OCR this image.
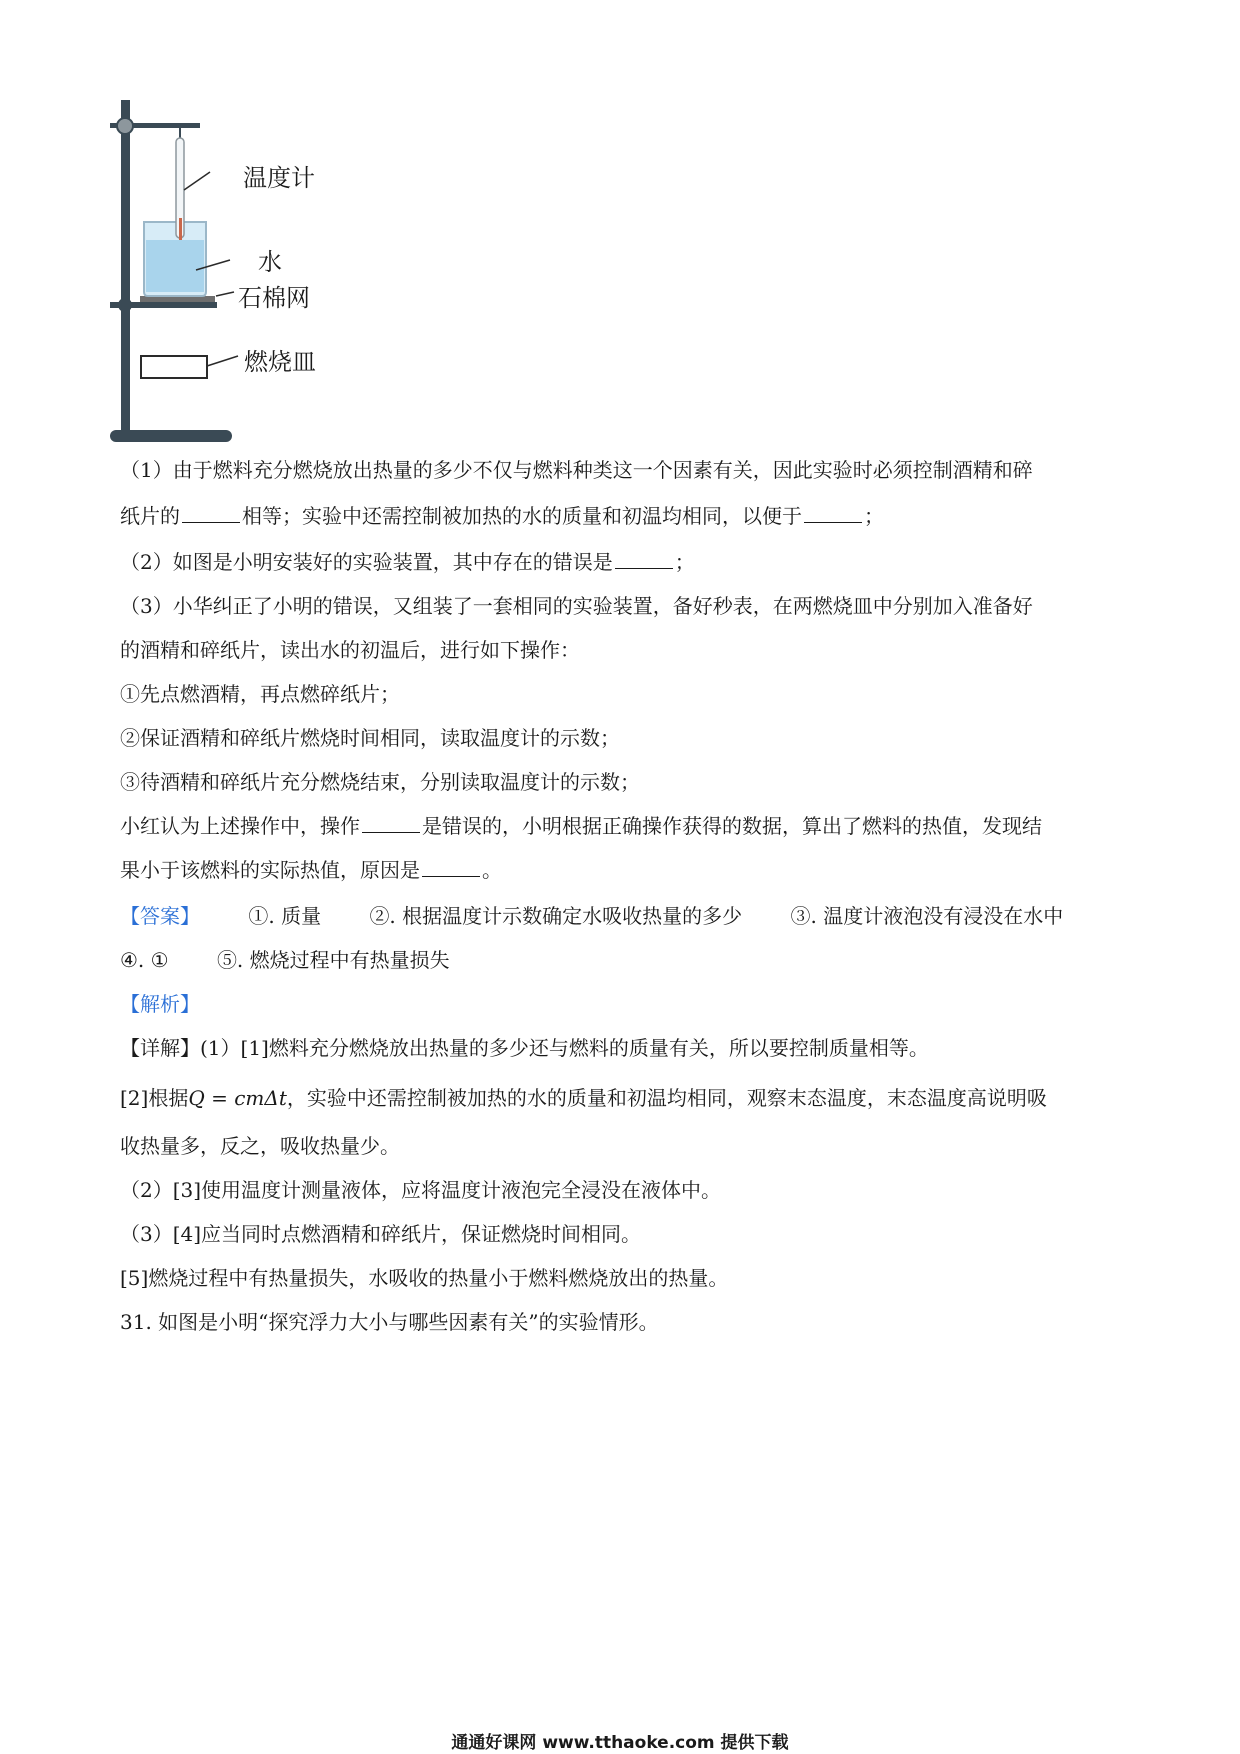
温度计
水
石棉网
燃烧皿
（1）由于燃料充分燃烧放出热量的多少不仅与燃料种类这一个因素有关，因此实验时必须控制酒精和碎
纸片的	相等；实验中还需控制被加热的水的质量和初温均相同，以便于	；
（2）如图是小明安装好的实验装置，其中存在的错误是	；
（3）小华纠正了小明的错误，又组装了一套相同的实验装置，备好秒表，在两燃烧皿中分别加入准备好
的酒精和碎纸片，读出水的初温后，进行如下操作：
①先点燃酒精，再点燃碎纸片；
②保证酒精和碎纸片燃烧时间相同，读取温度计的示数；
③待酒精和碎纸片充分燃烧结束，分别读取温度计的示数；
小红认为上述操作中，操作	是错误的，小明根据正确操作获得的数据，算出了燃料的热值，发现结
果小于该燃料的实际热值，原因是	。
【答案】 ①. 质量 ②. 根据温度计示数确定水吸收热量的多少 ③. 温度计液泡没有浸没在水中
④. ① ⑤. 燃烧过程中有热量损失
【解析】
【详解】(1）[1]燃料充分燃烧放出热量的多少还与燃料的质量有关，所以要控制质量相等。
[2]根据Q = cmΔt，实验中还需控制被加热的水的质量和初温均相同，观察末态温度，末态温度高说明吸
收热量多，反之，吸收热量少。
（2）[3]使用温度计测量液体，应将温度计液泡完全浸没在液体中。
（3）[4]应当同时点燃酒精和碎纸片，保证燃烧时间相同。
[5]燃烧过程中有热量损失，水吸收的热量小于燃料燃烧放出的热量。
31. 如图是小明“探究浮力大小与哪些因素有关”的实验情形。
通通好课网 www.tthaoke.com 提供下载
